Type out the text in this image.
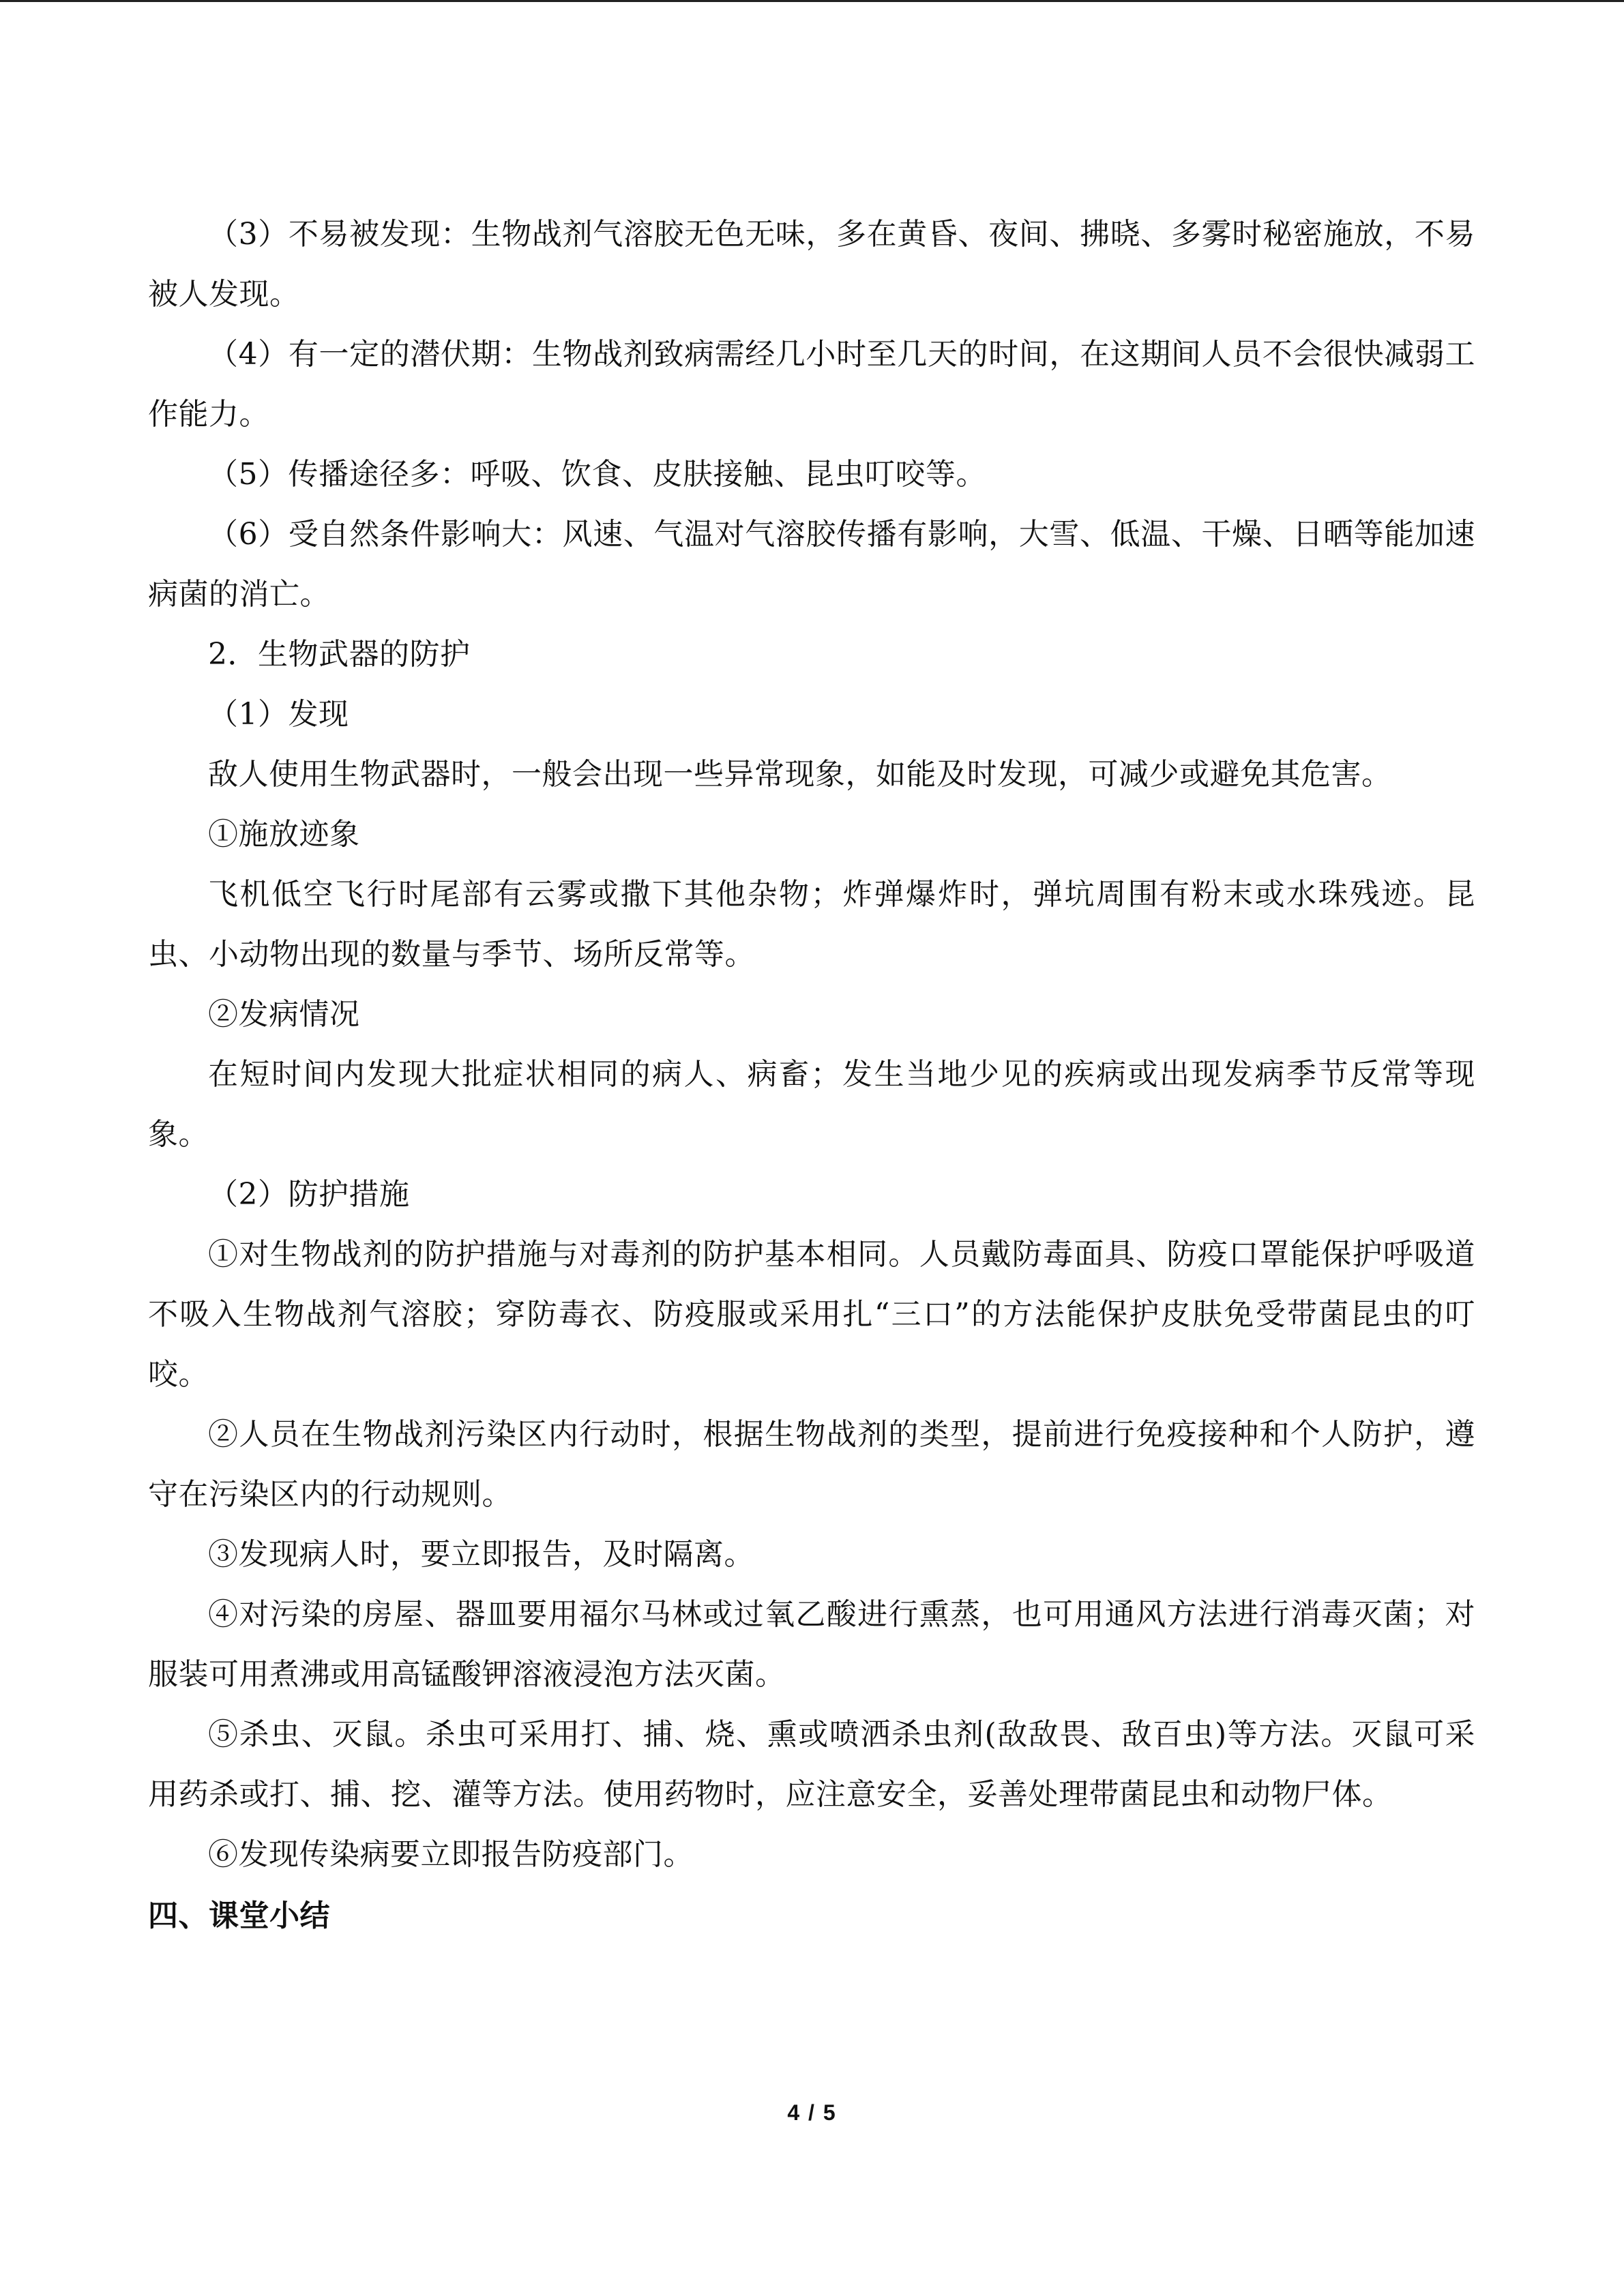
（3）不易被发现：生物战剂气溶胶无色无味，多在黄昏、夜间、拂晓、多雾时秘密施放，不易被人发现。

（4）有一定的潜伏期：生物战剂致病需经几小时至几天的时间，在这期间人员不会很快减弱工作能力。

（5）传播途径多：呼吸、饮食、皮肤接触、昆虫叮咬等。

（6）受自然条件影响大：风速、气温对气溶胶传播有影响，大雪、低温、干燥、日晒等能加速病菌的消亡。

2．生物武器的防护

（1）发现

敌人使用生物武器时，一般会出现一些异常现象，如能及时发现，可减少或避免其危害。

①施放迹象

飞机低空飞行时尾部有云雾或撒下其他杂物；炸弹爆炸时，弹坑周围有粉末或水珠残迹。昆虫、小动物出现的数量与季节、场所反常等。

②发病情况

在短时间内发现大批症状相同的病人、病畜；发生当地少见的疾病或出现发病季节反常等现象。

（2）防护措施

①对生物战剂的防护措施与对毒剂的防护基本相同。人员戴防毒面具、防疫口罩能保护呼吸道不吸入生物战剂气溶胶；穿防毒衣、防疫服或采用扎“三口”的方法能保护皮肤免受带菌昆虫的叮咬。

②人员在生物战剂污染区内行动时，根据生物战剂的类型，提前进行免疫接种和个人防护，遵守在污染区内的行动规则。

③发现病人时，要立即报告，及时隔离。

④对污染的房屋、器皿要用福尔马林或过氧乙酸进行熏蒸，也可用通风方法进行消毒灭菌；对服装可用煮沸或用高锰酸钾溶液浸泡方法灭菌。

⑤杀虫、灭鼠。杀虫可采用打、捕、烧、熏或喷洒杀虫剂(敌敌畏、敌百虫)等方法。灭鼠可采用药杀或打、捕、挖、灌等方法。使用药物时，应注意安全，妥善处理带菌昆虫和动物尸体。

⑥发现传染病要立即报告防疫部门。

四、课堂小结

4 / 5
